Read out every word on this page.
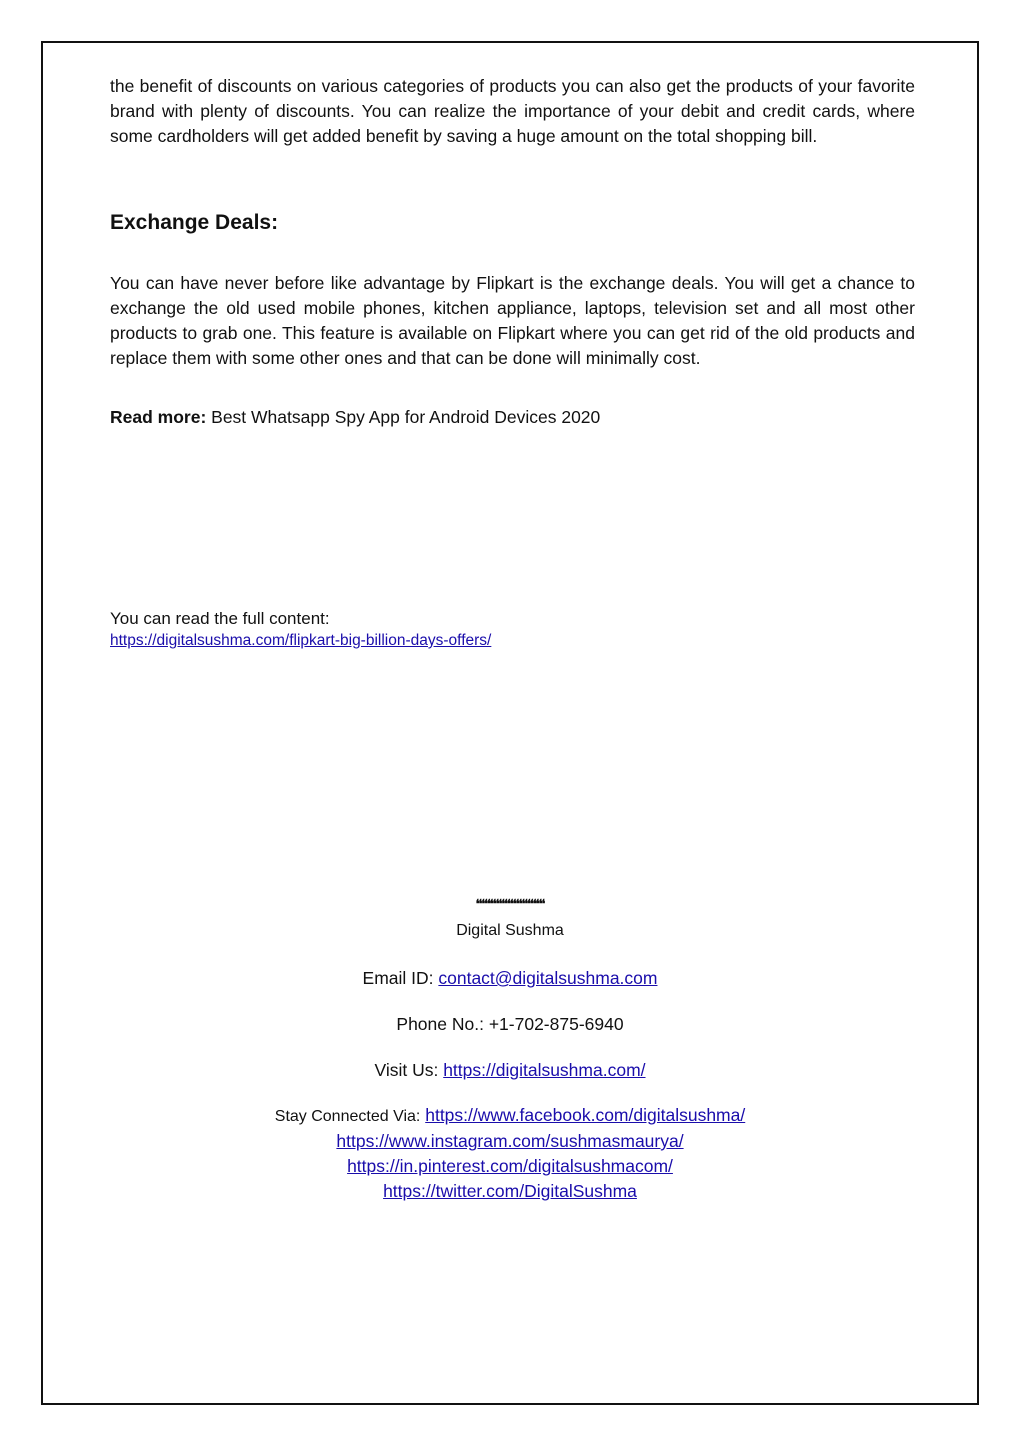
the benefit of discounts on various categories of products you can also get the products of your favorite brand with plenty of discounts. You can realize the importance of your debit and credit cards, where some cardholders will get added benefit by saving a huge amount on the total shopping bill.

Exchange Deals:

You can have never before like advantage by Flipkart is the exchange deals. You will get a chance to exchange the old used mobile phones, kitchen appliance, laptops, television set and all most other products to grab one. This feature is available on Flipkart where you can get rid of the old products and replace them with some other ones and that can be done will minimally cost.

Read more: Best Whatsapp Spy App for Android Devices 2020
You can read the full content:
https://digitalsushma.com/flipkart-big-billion-days-offers/
❛❛❛❛❛❛❛❛❛❛❛❛❛❛❛❛❛❛❛❛❛❛❛❛
Digital Sushma
Email ID: contact@digitalsushma.com
Phone No.: +1-702-875-6940
Visit Us: https://digitalsushma.com/
Stay Connected Via: https://www.facebook.com/digitalsushma/
https://www.instagram.com/sushmasmaurya/
https://in.pinterest.com/digitalsushmacom/
https://twitter.com/DigitalSushma
